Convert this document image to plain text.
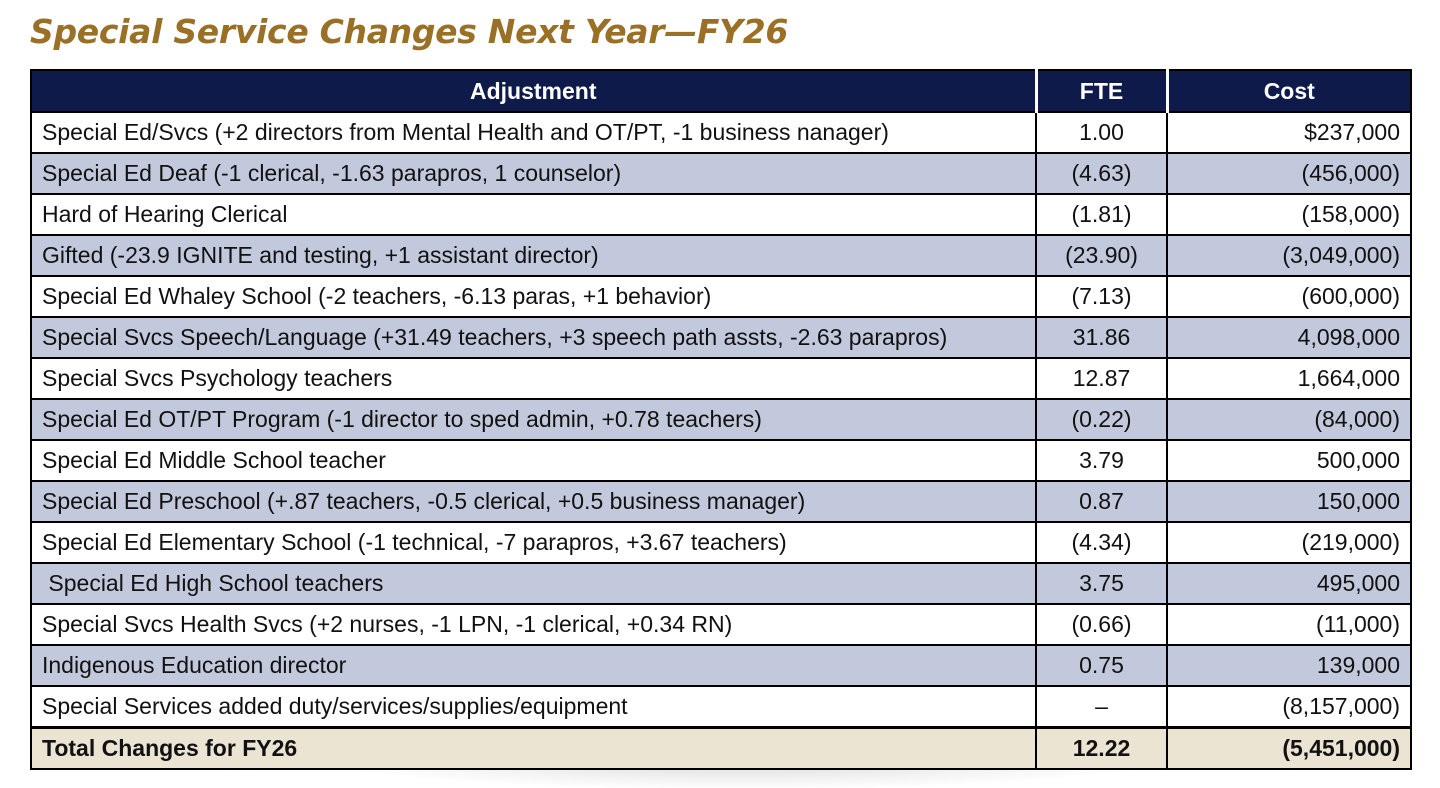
Special Service Changes Next Year—FY26
Adjustment	FTE	Cost
Special Ed/Svcs (+2 directors from Mental Health and OT/PT, -1 business nanager)	1.00	$237,000
Special Ed Deaf (-1 clerical, -1.63 parapros, 1 counselor)	(4.63)	(456,000)
Hard of Hearing Clerical	(1.81)	(158,000)
Gifted (-23.9 IGNITE and testing, +1 assistant director)	(23.90)	(3,049,000)
Special Ed Whaley School (-2 teachers, -6.13 paras, +1 behavior)	(7.13)	(600,000)
Special Svcs Speech/Language (+31.49 teachers, +3 speech path assts, -2.63 parapros)	31.86	4,098,000
Special Svcs Psychology teachers	12.87	1,664,000
Special Ed OT/PT Program (-1 director to sped admin, +0.78 teachers)	(0.22)	(84,000)
Special Ed Middle School teacher	3.79	500,000
Special Ed Preschool (+.87 teachers, -0.5 clerical, +0.5 business manager)	0.87	150,000
Special Ed Elementary School (-1 technical, -7 parapros, +3.67 teachers)	(4.34)	(219,000)
Special Ed High School teachers	3.75	495,000
Special Svcs Health Svcs (+2 nurses, -1 LPN, -1 clerical, +0.34 RN)	(0.66)	(11,000)
Indigenous Education director	0.75	139,000
Special Services added duty/services/supplies/equipment	–	(8,157,000)
Total Changes for FY26	12.22	(5,451,000)
